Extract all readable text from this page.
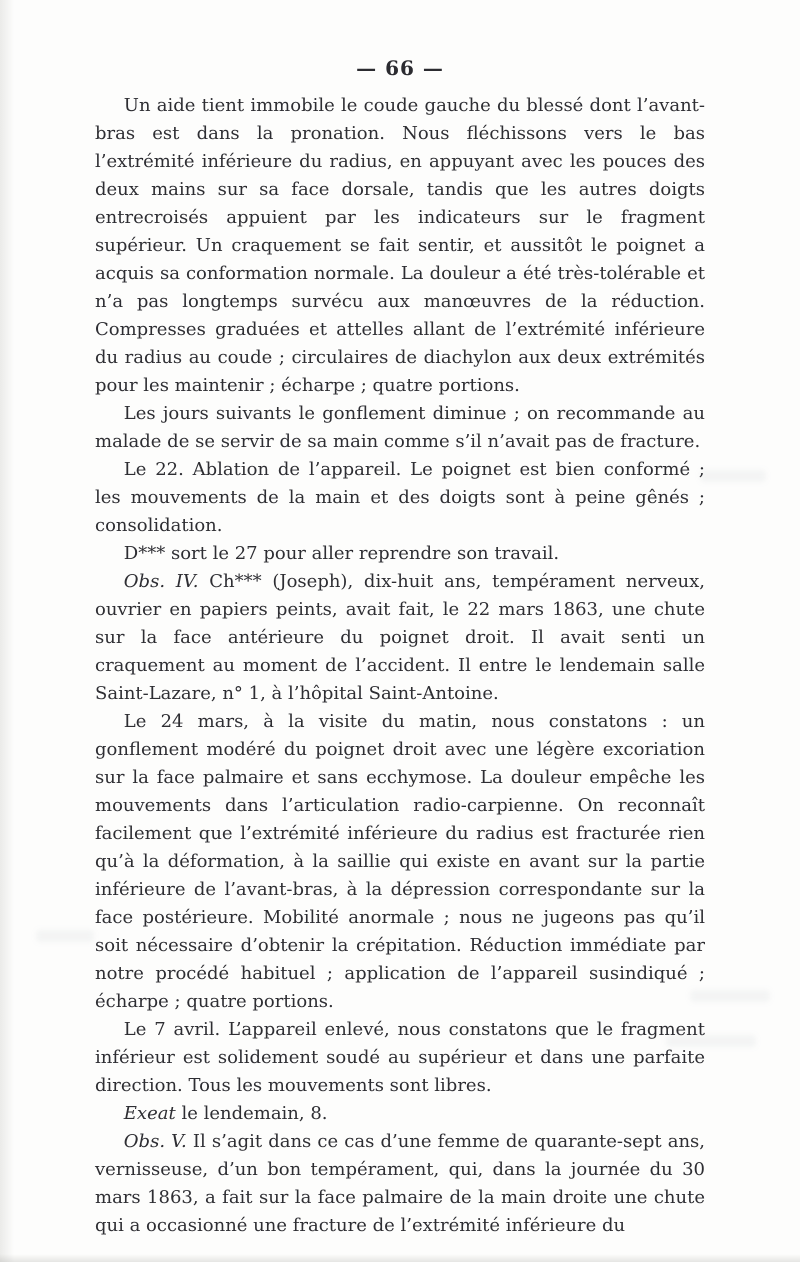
— 66 —

Un aide tient immobile le coude gauche du blessé dont l’avant-bras est dans la pronation. Nous fléchissons vers le bas l’extrémité inférieure du radius, en appuyant avec les pouces des deux mains sur sa face dorsale, tandis que les autres doigts entrecroisés appuient par les indicateurs sur le fragment supérieur. Un craquement se fait sentir, et aussitôt le poignet a acquis sa conformation normale. La douleur a été très-tolérable et n’a pas longtemps survécu aux manœuvres de la réduction. Compresses graduées et attelles allant de l’extrémité inférieure du radius au coude ; circulaires de diachylon aux deux extrémités pour les maintenir ; écharpe ; quatre portions.

Les jours suivants le gonflement diminue ; on recommande au malade de se servir de sa main comme s’il n’avait pas de fracture.

Le 22. Ablation de l’appareil. Le poignet est bien conformé ; les mouvements de la main et des doigts sont à peine gênés ; consolidation.

D*** sort le 27 pour aller reprendre son travail.

Obs. IV. Ch*** (Joseph), dix-huit ans, tempérament nerveux, ouvrier en papiers peints, avait fait, le 22 mars 1863, une chute sur la face antérieure du poignet droit. Il avait senti un craquement au moment de l’accident. Il entre le lendemain salle Saint-Lazare, n° 1, à l’hôpital Saint-Antoine.

Le 24 mars, à la visite du matin, nous constatons : un gonflement modéré du poignet droit avec une légère excoriation sur la face palmaire et sans ecchymose. La douleur empêche les mouvements dans l’articulation radio-carpienne. On reconnaît facilement que l’extrémité inférieure du radius est fracturée rien qu’à la déformation, à la saillie qui existe en avant sur la partie inférieure de l’avant-bras, à la dépression correspondante sur la face postérieure. Mobilité anormale ; nous ne jugeons pas qu’il soit nécessaire d’obtenir la crépitation. Réduction immédiate par notre procédé habituel ; application de l’appareil susindiqué ; écharpe ; quatre portions.

Le 7 avril. L’appareil enlevé, nous constatons que le fragment inférieur est solidement soudé au supérieur et dans une parfaite direction. Tous les mouvements sont libres.

Exeat le lendemain, 8.

Obs. V. Il s’agit dans ce cas d’une femme de quarante-sept ans, vernisseuse, d’un bon tempérament, qui, dans la journée du 30 mars 1863, a fait sur la face palmaire de la main droite une chute qui a occasionné une fracture de l’extrémité inférieure du
